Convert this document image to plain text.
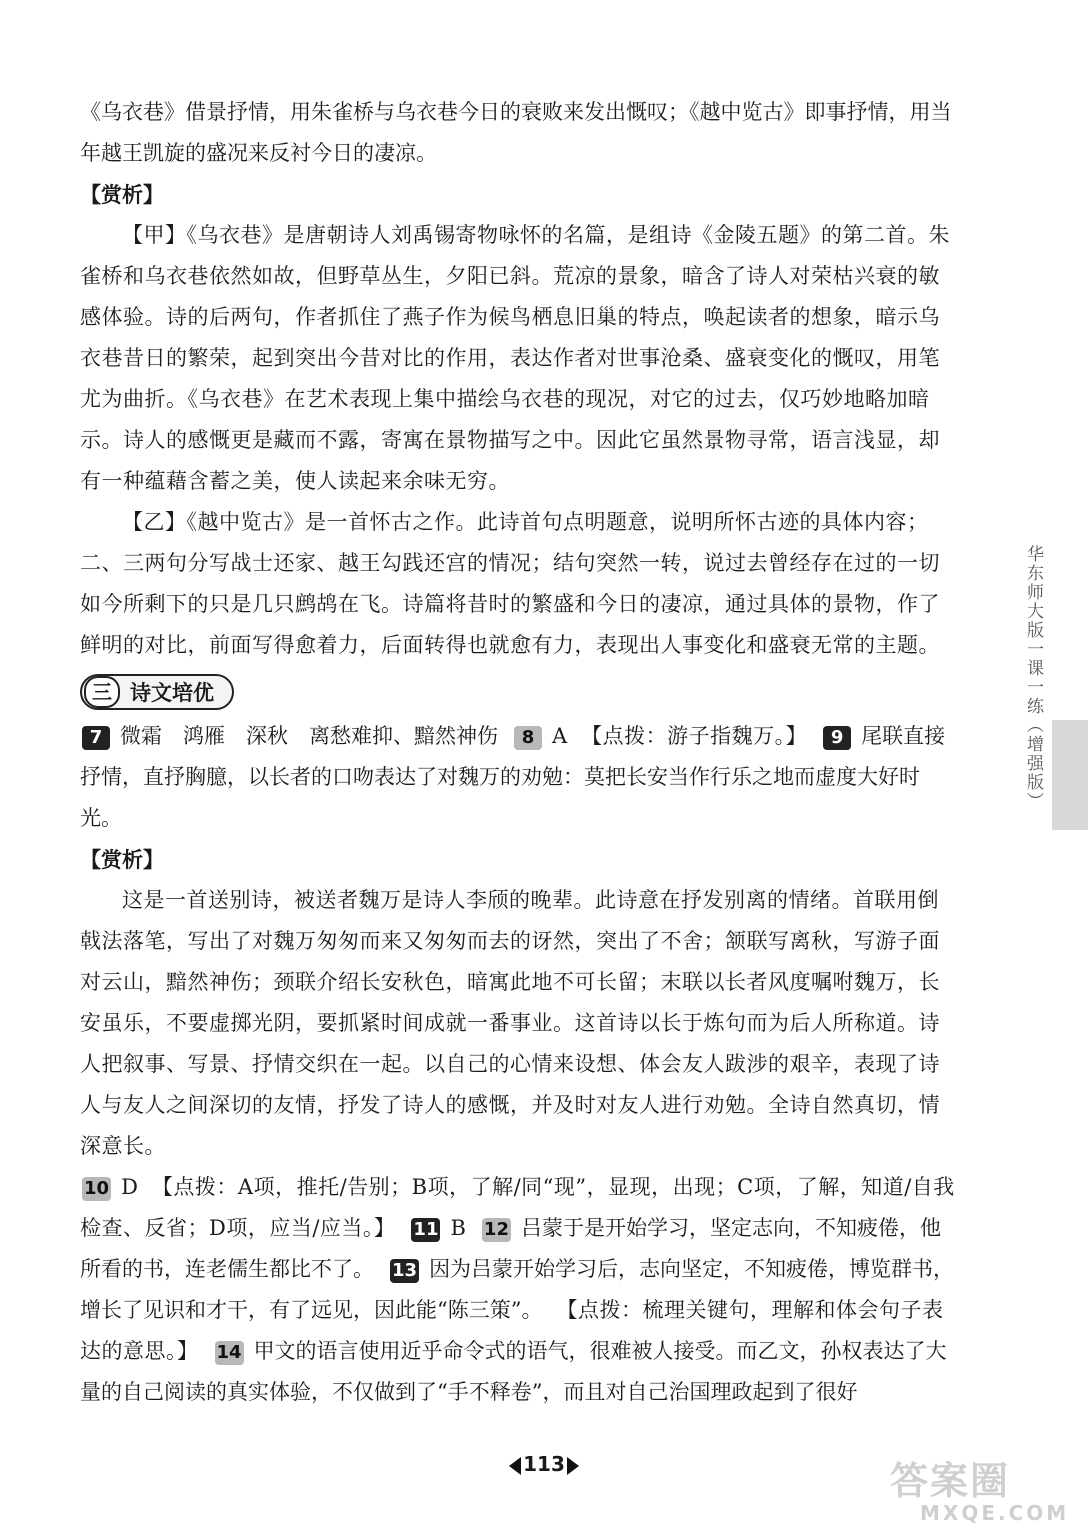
《乌衣巷》借景抒情，用朱雀桥与乌衣巷今日的衰败来发出慨叹；《越中览古》即事抒情，用当年越王凯旋的盛况来反衬今日的凄凉。

【赏析】

【甲】《乌衣巷》是唐朝诗人刘禹锡寄物咏怀的名篇，是组诗《金陵五题》的第二首。朱雀桥和乌衣巷依然如故，但野草丛生，夕阳已斜。荒凉的景象，暗含了诗人对荣枯兴衰的敏感体验。诗的后两句，作者抓住了燕子作为候鸟栖息旧巢的特点，唤起读者的想象，暗示乌衣巷昔日的繁荣，起到突出今昔对比的作用，表达作者对世事沧桑、盛衰变化的慨叹，用笔尤为曲折。《乌衣巷》在艺术表现上集中描绘乌衣巷的现况，对它的过去，仅巧妙地略加暗示。诗人的感慨更是藏而不露，寄寓在景物描写之中。因此它虽然景物寻常，语言浅显，却有一种蕴藉含蓄之美，使人读起来余味无穷。

【乙】《越中览古》是一首怀古之作。此诗首句点明题意，说明所怀古迹的具体内容；二、三两句分写战士还家、越王勾践还宫的情况；结句突然一转，说过去曾经存在过的一切如今所剩下的只是几只鹧鸪在飞。诗篇将昔时的繁盛和今日的凄凉，通过具体的景物，作了鲜明的对比，前面写得愈着力，后面转得也就愈有力，表现出人事变化和盛衰无常的主题。

三 诗文培优

7 微霜　鸿雁　深秋　离愁难抑、黯然神伤 8 A 【点拨：游子指魏万。】 9 尾联直接抒情，直抒胸臆，以长者的口吻表达了对魏万的劝勉：莫把长安当作行乐之地而虚度大好时光。

【赏析】

这是一首送别诗，被送者魏万是诗人李颀的晚辈。此诗意在抒发别离的情绪。首联用倒戟法落笔，写出了对魏万匆匆而来又匆匆而去的讶然，突出了不舍；颔联写离秋，写游子面对云山，黯然神伤；颈联介绍长安秋色，暗寓此地不可长留；末联以长者风度嘱咐魏万，长安虽乐，不要虚掷光阴，要抓紧时间成就一番事业。这首诗以长于炼句而为后人所称道。诗人把叙事、写景、抒情交织在一起。以自己的心情来设想、体会友人跋涉的艰辛，表现了诗人与友人之间深切的友情，抒发了诗人的感慨，并及时对友人进行劝勉。全诗自然真切，情深意长。

10 D 【点拨：A项，推托/告别；B项，了解/同“现”，显现，出现；C项，了解，知道/自我检查、反省；D项，应当/应当。】 11 B 12 吕蒙于是开始学习，坚定志向，不知疲倦，他所看的书，连老儒生都比不了。 13 因为吕蒙开始学习后，志向坚定，不知疲倦，博览群书，增长了见识和才干，有了远见，因此能“陈三策”。 【点拨：梳理关键句，理解和体会句子表达的意思。】 14 甲文的语言使用近乎命令式的语气，很难被人接受。而乙文，孙权表达了大量的自己阅读的真实体验，不仅做到了“手不释卷”，而且对自己治国理政起到了很好

113
华东师大版一课一练（增强版）
答案圈
MXQE.COM
